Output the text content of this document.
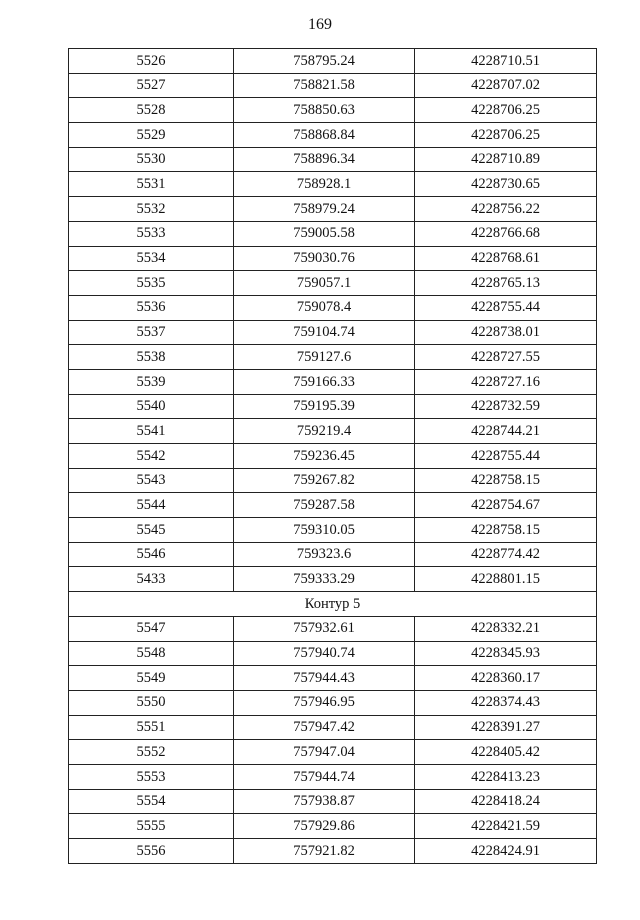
169
5526	758795.24	4228710.51
5527	758821.58	4228707.02
5528	758850.63	4228706.25
5529	758868.84	4228706.25
5530	758896.34	4228710.89
5531	758928.1	4228730.65
5532	758979.24	4228756.22
5533	759005.58	4228766.68
5534	759030.76	4228768.61
5535	759057.1	4228765.13
5536	759078.4	4228755.44
5537	759104.74	4228738.01
5538	759127.6	4228727.55
5539	759166.33	4228727.16
5540	759195.39	4228732.59
5541	759219.4	4228744.21
5542	759236.45	4228755.44
5543	759267.82	4228758.15
5544	759287.58	4228754.67
5545	759310.05	4228758.15
5546	759323.6	4228774.42
5433	759333.29	4228801.15
Контур 5		
5547	757932.61	4228332.21
5548	757940.74	4228345.93
5549	757944.43	4228360.17
5550	757946.95	4228374.43
5551	757947.42	4228391.27
5552	757947.04	4228405.42
5553	757944.74	4228413.23
5554	757938.87	4228418.24
5555	757929.86	4228421.59
5556	757921.82	4228424.91
